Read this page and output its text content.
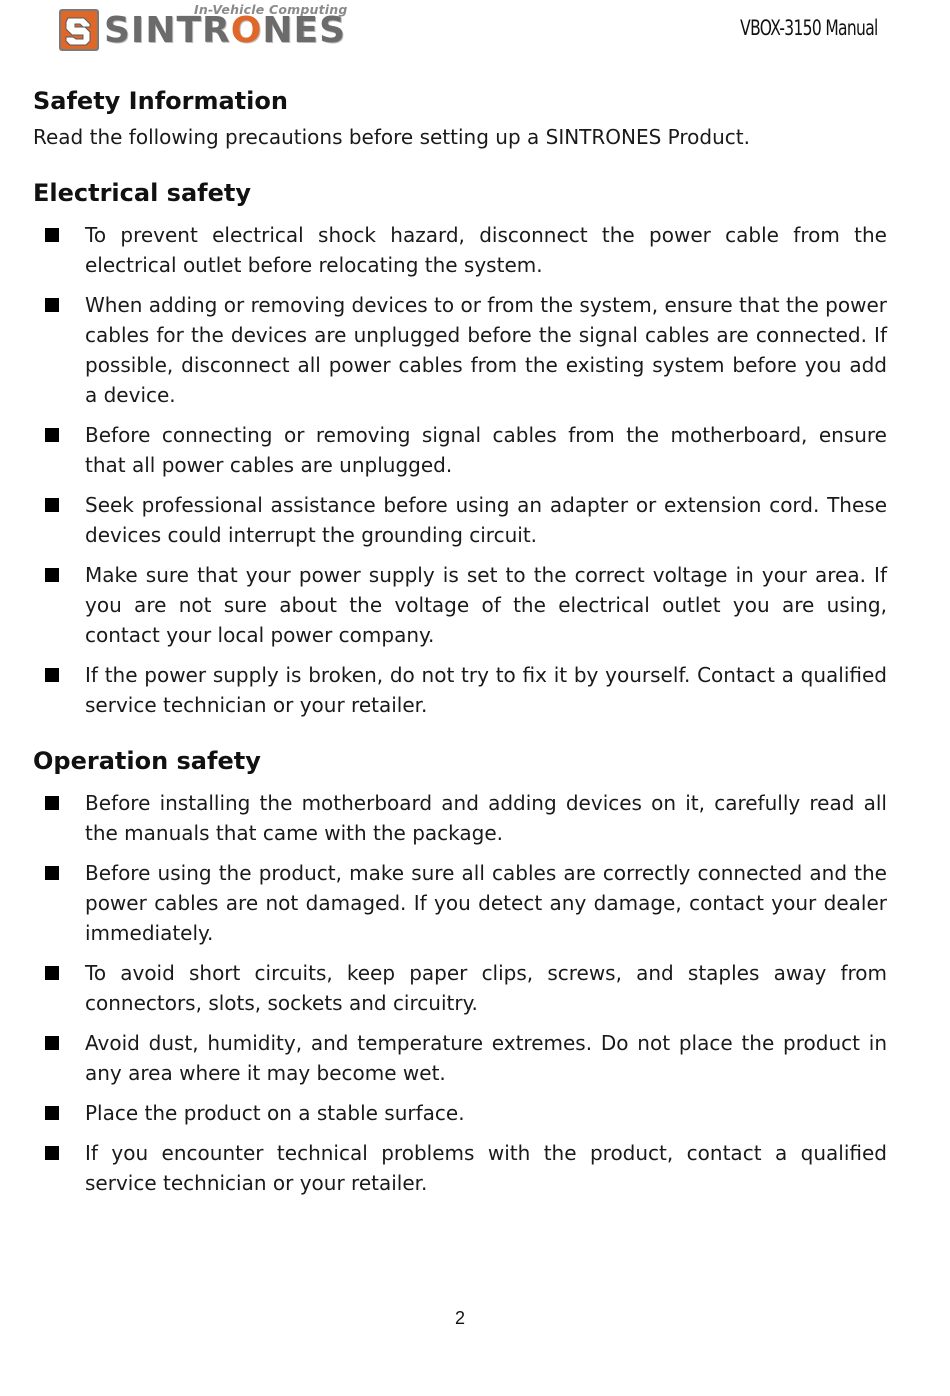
In-Vehicle Computing
SINTRONES	VBOX-3150 Manual
Safety Information

Read the following precautions before setting up a SINTRONES Product.

Electrical safety
To prevent electrical shock hazard, disconnect the power cable from the electrical outlet before relocating the system.
When adding or removing devices to or from the system, ensure that the power cables for the devices are unplugged before the signal cables are connected. If possible, disconnect all power cables from the existing system before you add a device.
Before connecting or removing signal cables from the motherboard, ensure that all power cables are unplugged.
Seek professional assistance before using an adapter or extension cord. These devices could interrupt the grounding circuit.
Make sure that your power supply is set to the correct voltage in your area. If you are not sure about the voltage of the electrical outlet you are using, contact your local power company.
If the power supply is broken, do not try to fix it by yourself. Contact a qualified service technician or your retailer.
Operation safety
Before installing the motherboard and adding devices on it, carefully read all the manuals that came with the package.
Before using the product, make sure all cables are correctly connected and the power cables are not damaged. If you detect any damage, contact your dealer immediately.
To avoid short circuits, keep paper clips, screws, and staples away from connectors, slots, sockets and circuitry.
Avoid dust, humidity, and temperature extremes. Do not place the product in any area where it may become wet.
Place the product on a stable surface.
If you encounter technical problems with the product, contact a qualified service technician or your retailer.
2
